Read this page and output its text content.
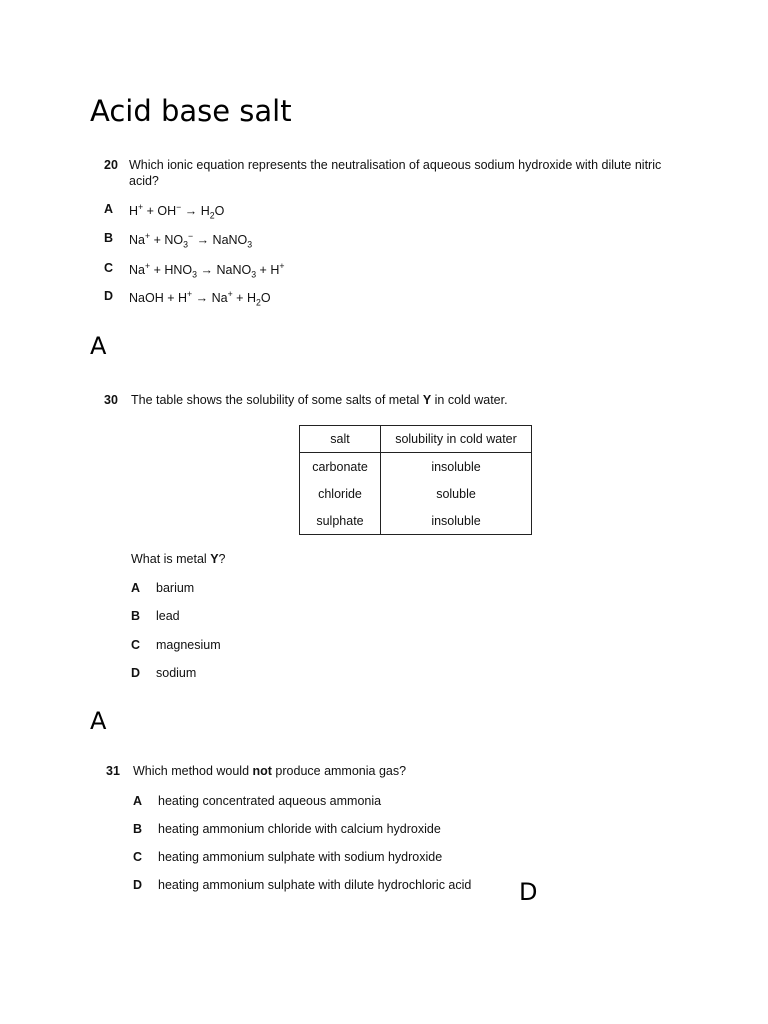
Acid base salt
20 Which ionic equation represents the neutralisation of aqueous sodium hydroxide with dilute nitric acid?
A $H^+ + OH^- \to H_2O$
B $Na^+ + NO_3^-$ → NaNO$_3$
C $Na^+ + HNO_3$ → NaNO$_3$ + H+
D NaOH + $H^+ \to Na^+ + H_2O$
A
30 The table shows the solubility of some salts of metal Y in cold water.
salt	solubility in cold water
carbonate	insoluble
chloride	soluble
sulphate	insoluble
What is metal Y?
A barium
B lead
C magnesium
D sodium
A
31 Which method would not produce ammonia gas?
A heating concentrated aqueous ammonia
B heating ammonium chloride with calcium hydroxide
C heating ammonium sulphate with sodium hydroxide
D heating ammonium sulphate with dilute hydrochloric acid D
